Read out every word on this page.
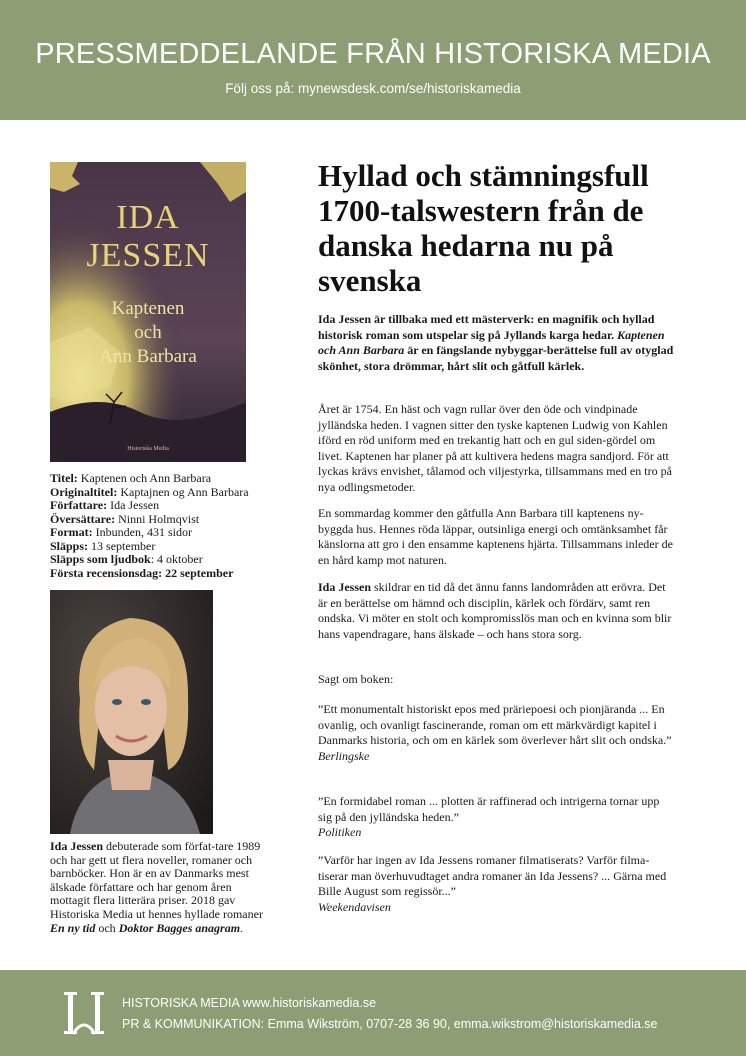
PRESSMEDDELANDE FRÅN HISTORISKA MEDIA
Följ oss på: mynewsdesk.com/se/historiskamedia
IDA
JESSEN
Kaptenen
och
Ann Barbara
Historiska Media
Titel: Kaptenen och Ann Barbara
Originaltitel: Kaptajnen og Ann Barbara
Författare: Ida Jessen
Översättare: Ninni Holmqvist
Format: Inbunden, 431 sidor
Släpps: 13 september
Släpps som ljudbok: 4 oktober
Första recensionsdag: 22 september
Ida Jessen debuterade som förfat-tare 1989 och har gett ut flera noveller, romaner och barnböcker. Hon är en av Danmarks mest älskade författare och har genom åren mottagit flera litterära priser. 2018 gav Historiska Media ut hennes hyllade romaner En ny tid och Doktor Bagges anagram.
Hyllad och stämningsfull 1700-talswestern från de danska hedarna nu på svenska
Ida Jessen är tillbaka med ett mästerverk: en magnifik och hyllad historisk roman som utspelar sig på Jyllands karga hedar. Kaptenen och Ann Barbara är en fängslande nybyggar-berättelse full av otyglad skönhet, stora drömmar, hårt slit och gåtfull kärlek.
Året är 1754. En häst och vagn rullar över den öde och vindpinade jylländska heden. I vagnen sitter den tyske kaptenen Ludwig von Kahlen iförd en röd uniform med en trekantig hatt och en gul siden-gördel om livet. Kaptenen har planer på att kultivera hedens magra sandjord. För att lyckas krävs envishet, tålamod och viljestyrka, tillsammans med en tro på nya odlingsmetoder.
En sommardag kommer den gåtfulla Ann Barbara till kaptenens ny-byggda hus. Hennes röda läppar, outsinliga energi och omtänksamhet får känslorna att gro i den ensamme kaptenens hjärta. Tillsammans inleder de en hård kamp mot naturen.
Ida Jessen skildrar en tid då det ännu fanns landområden att erövra. Det är en berättelse om hämnd och disciplin, kärlek och fördärv, samt ren ondska. Vi möter en stolt och kompromisslös man och en kvinna som blir hans vapendragare, hans älskade – och hans stora sorg.
Sagt om boken:
”Ett monumentalt historiskt epos med präriepoesi och pionjäranda ... En ovanlig, och ovanligt fascinerande, roman om ett märkvärdigt kapitel i Danmarks historia, och om en kärlek som överlever hårt slit och ondska.”
Berlingske
”En formidabel roman ... plotten är raffinerad och intrigerna tornar upp sig på den jylländska heden.”
Politiken
”Varför har ingen av Ida Jessens romaner filmatiserats? Varför filma-tiserar man överhuvudtaget andra romaner än Ida Jessens? ... Gärna med Bille August som regissör...”
Weekendavisen
HISTORISKA MEDIA www.historiskamedia.se
PR & KOMMUNIKATION: Emma Wikström, 0707-28 36 90, emma.wikstrom@historiskamedia.se
